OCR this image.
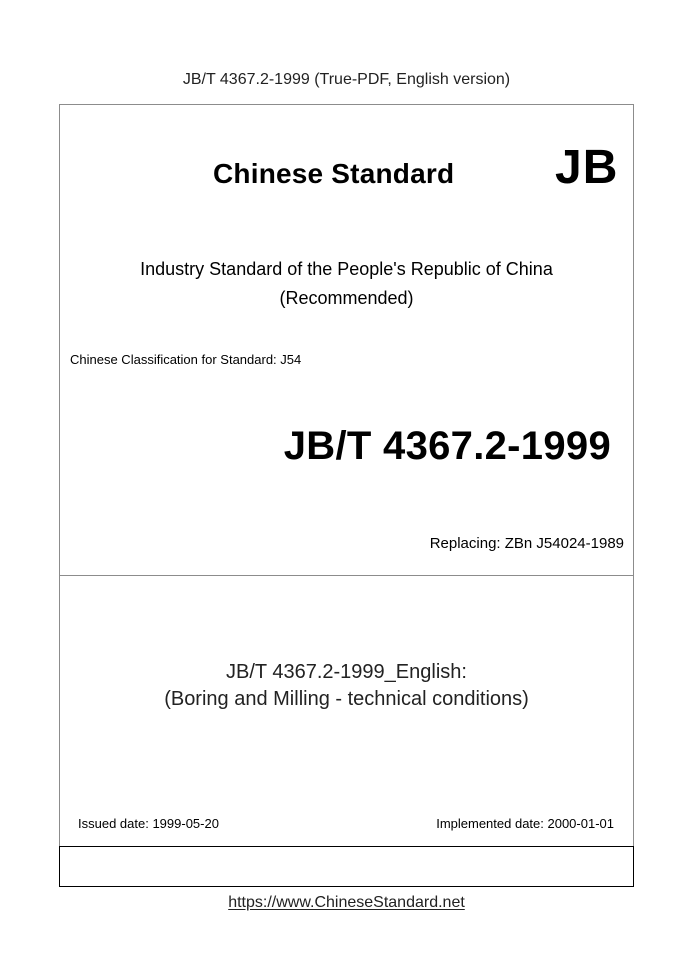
JB/T 4367.2-1999 (True-PDF, English version)
Chinese Standard JB
Industry Standard of the People's Republic of China
(Recommended)
Chinese Classification for Standard: J54
JB/T 4367.2-1999
Replacing: ZBn J54024-1989
JB/T 4367.2-1999_English:
(Boring and Milling - technical conditions)
Issued date: 1999-05-20	Implemented date: 2000-01-01
https://www.ChineseStandard.net
